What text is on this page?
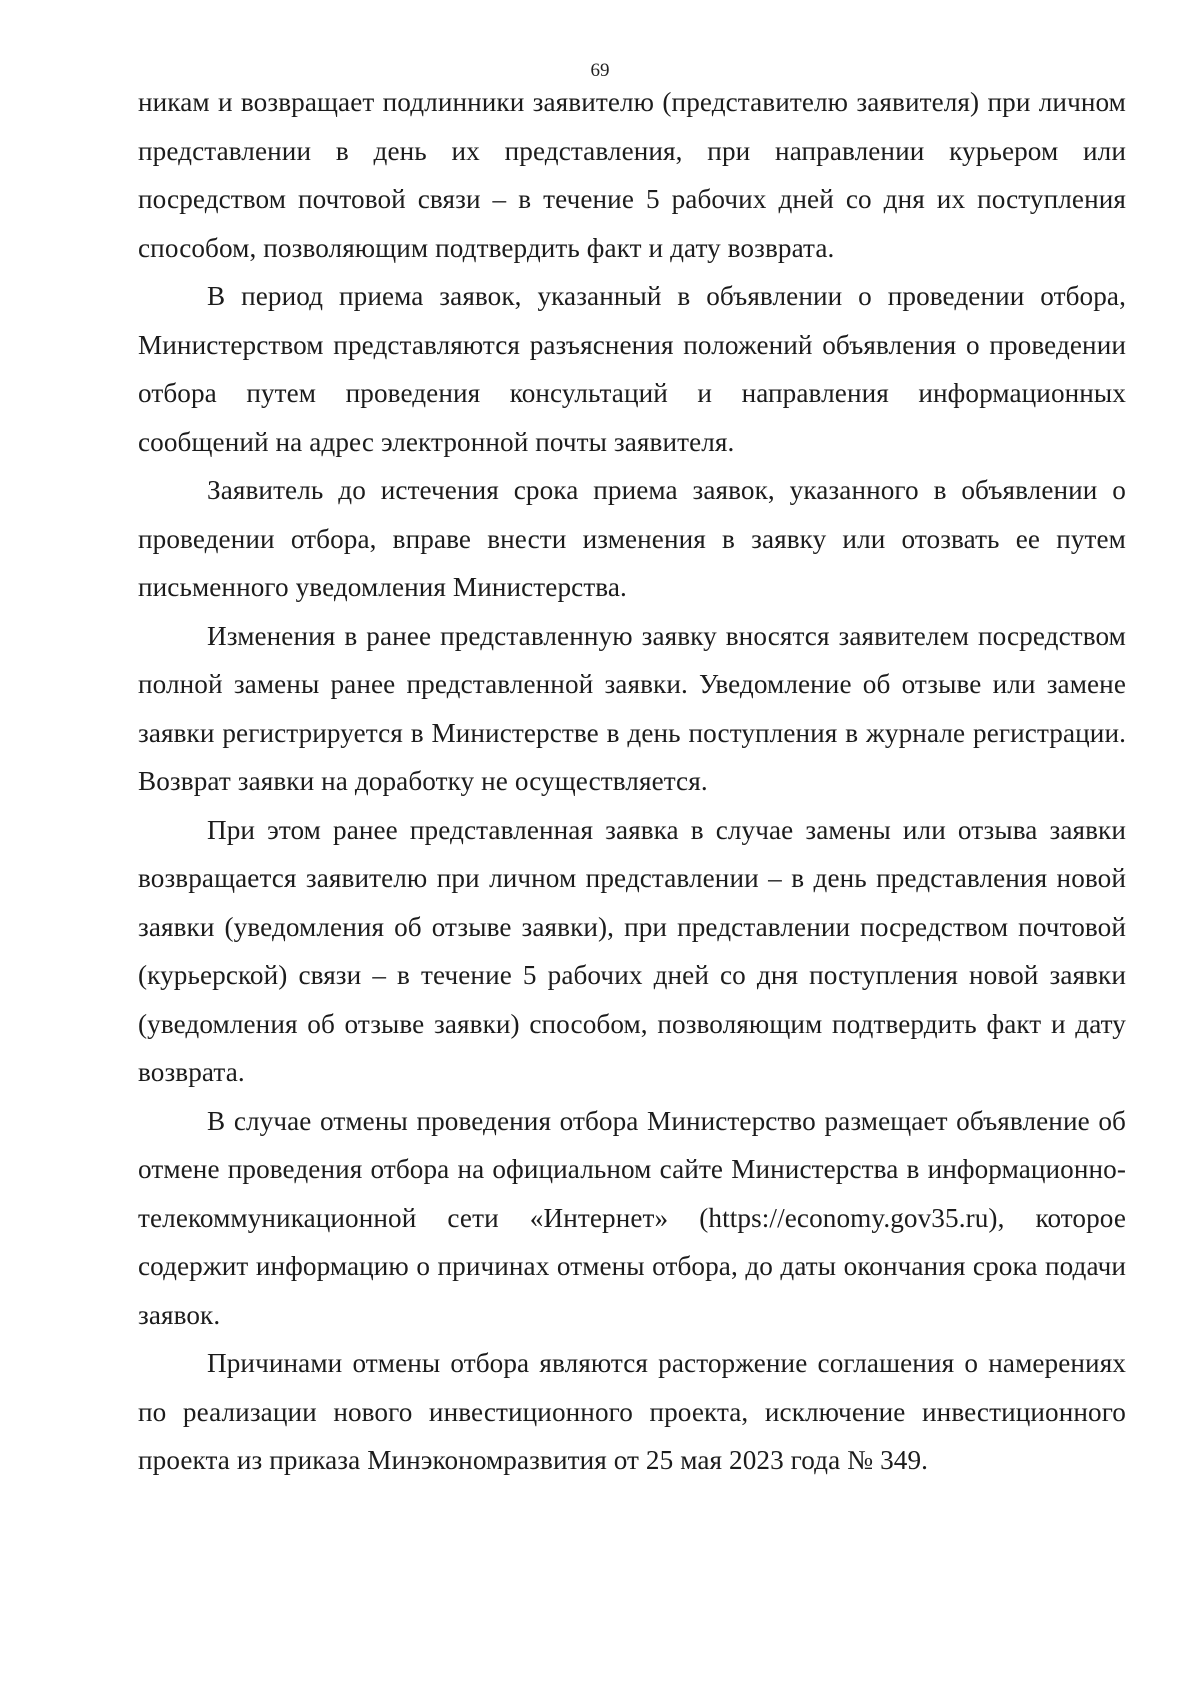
69

никам и возвращает подлинники заявителю (представителю заявителя) при личном представлении в день их представления, при направлении курьером или посредством почтовой связи – в течение 5 рабочих дней со дня их поступления способом, позволяющим подтвердить факт и дату возврата.

В период приема заявок, указанный в объявлении о проведении отбора, Министерством представляются разъяснения положений объявления о проведении отбора путем проведения консультаций и направления информационных сообщений на адрес электронной почты заявителя.

Заявитель до истечения срока приема заявок, указанного в объявлении о проведении отбора, вправе внести изменения в заявку или отозвать ее путем письменного уведомления Министерства.

Изменения в ранее представленную заявку вносятся заявителем посредством полной замены ранее представленной заявки. Уведомление об отзыве или замене заявки регистрируется в Министерстве в день поступления в журнале регистрации. Возврат заявки на доработку не осуществляется.

При этом ранее представленная заявка в случае замены или отзыва заявки возвращается заявителю при личном представлении – в день представления новой заявки (уведомления об отзыве заявки), при представлении посредством почтовой (курьерской) связи – в течение 5 рабочих дней со дня поступления новой заявки (уведомления об отзыве заявки) способом, позволяющим подтвердить факт и дату возврата.

В случае отмены проведения отбора Министерство размещает объявление об отмене проведения отбора на официальном сайте Министерства в информационно-телекоммуникационной сети «Интернет» (https://economy.gov35.ru), которое содержит информацию о причинах отмены отбора, до даты окончания срока подачи заявок.

Причинами отмены отбора являются расторжение соглашения о намерениях по реализации нового инвестиционного проекта, исключение инвестиционного проекта из приказа Минэкономразвития от 25 мая 2023 года № 349.
